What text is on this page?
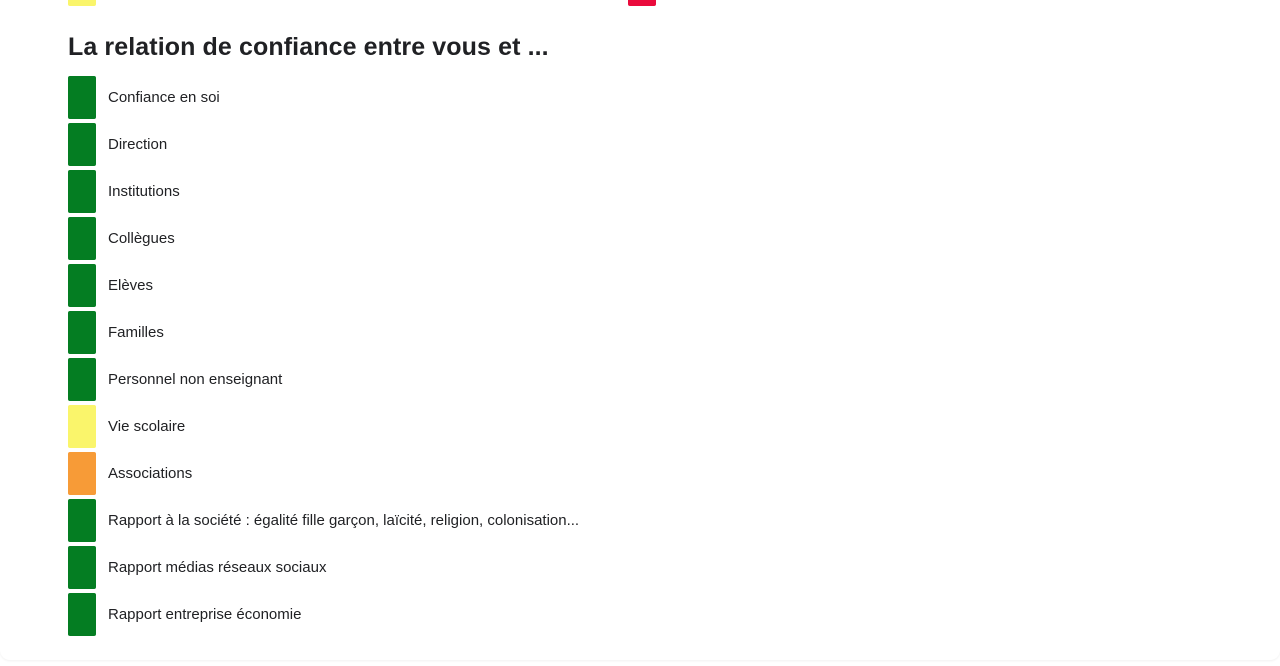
La relation de confiance entre vous et ...
Confiance en soi
Direction
Institutions
Collègues
Elèves
Familles
Personnel non enseignant
Vie scolaire
Associations
Rapport à la société : égalité fille garçon, laïcité, religion, colonisation...
Rapport médias réseaux sociaux
Rapport entreprise économie
